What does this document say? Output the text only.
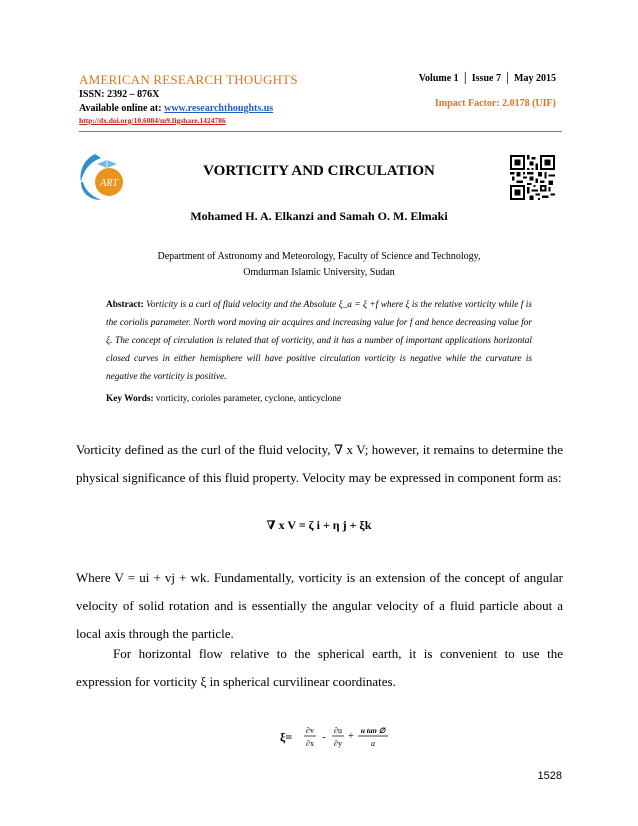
AMERICAN RESEARCH THOUGHTS
ISSN: 2392 – 876X
Available online at: www.researchthoughts.us
http://dx.doi.org/10.6084/m9.figshare.1424786
Volume 1 │ Issue 7 │ May 2015
Impact Factor: 2.0178 (UIF)
ART
VORTICITY AND CIRCULATION
Mohamed H. A. Elkanzi and Samah O. M. Elmaki
Department of Astronomy and Meteorology, Faculty of Science and Technology,
Omdurman Islamic University, Sudan
Abstract: Vorticity is a curl of fluid velocity and the Absolute ξ_a = ξ +f where ξ is the relative vorticity while f is the coriolis parameter. North word moving air acquires and increasing value for f and hence decreasing value for ξ. The concept of circulation is related that of vorticity, and it has a number of important applications horizontal closed curves in either hemisphere will have positive circulation vorticity is negative while the curvature is negative the vorticity is positive.
Key Words: vorticity, corioles parameter, cyclone, anticyclone
Vorticity defined as the curl of the fluid velocity, ∇ x V; however, it remains to determine the physical significance of this fluid property. Velocity may be expressed in component form as:
∇ x V = ζ i + η j + ξk
Where V = ui + vj + wk. Fundamentally, vorticity is an extension of the concept of angular velocity of solid rotation and is essentially the angular velocity of a fluid particle about a local axis through the particle.
For horizontal flow relative to the spherical earth, it is convenient to use the expression for vorticity ξ in spherical curvilinear coordinates.
ξ= ∂v
∂x
-
∂u
∂y
+
u tan ∅
a
1528
